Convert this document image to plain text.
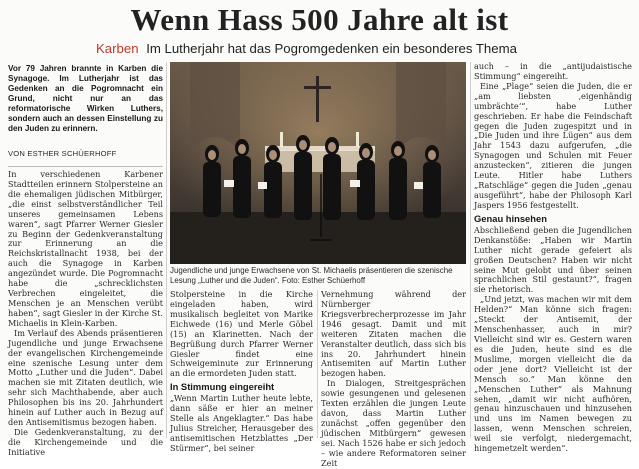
Wenn Hass 500 Jahre alt ist
Karben Im Lutherjahr hat das Pogromgedenken ein besonderes Thema
Vor 79 Jahren brannte in Karben die Synagoge. Im Lutherjahr ist das Gedenken an die Pogromnacht ein Grund, nicht nur an das reformatorische Wirken Luthers, sondern auch an dessen Einstellung zu den Juden zu erinnern.
VON ESTHER SCHÜERHOFF

In verschiedenen Karbener Stadtteilen erinnern Stolpersteine an die ehemaligen jüdischen Mitbürger, „die einst selbstverständlicher Teil unseres gemeinsamen Lebens waren“, sagt Pfarrer Werner Giesler zu Beginn der Gedenkveranstaltung zur Erinnerung an die Reichskristallnacht 1938, bei der auch die Synagoge in Karben angezündet wurde. Die Pogromnacht habe die „schrecklichsten Verbrechen eingeleitet, die Menschen je an Menschen verübt haben“, sagt Giesler in der Kirche St. Michaelis in Klein-Karben.

Im Verlauf des Abends präsentieren Jugendliche und junge Erwachsene der evangelischen Kirchengemeinde eine szenische Lesung unter dem Motto „Luther und die Juden“. Dabei machen sie mit Zitaten deutlich, wie sehr sich Machthabende, aber auch Philosophen bis ins 20. Jahrhundert hinein auf Luther auch in Bezug auf den Antisemitismus bezogen haben.

Die Gedenkveranstaltung, zu der die Kirchengemeinde und die Initiative

Jugendliche und junge Erwachsene von St. Michaelis präsentieren die szenische Lesung „Luther und die Juden“. Foto: Esther Schüerhoff

Stolpersteine in die Kirche eingeladen haben, wird musikalisch begleitet von Marike Eichwede (16) und Merle Göbel (15) an Klarinetten. Nach der Begrüßung durch Pfarrer Werner Giesler findet eine Schweigeminute zur Erinnerung an die ermordeten Juden statt.

In Stimmung eingereiht

„Wenn Martin Luther heute lebte, dann säße er hier an meiner Stelle als Angeklagter.“ Das habe Julius Streicher, Herausgeber des antisemitischen Hetzblattes „Der Stürmer“, bei seiner

Vernehmung während der Nürnberger Kriegsverbrecherprozesse im Jahr 1946 gesagt. Damit und mit weiteren Zitaten machen die Veranstalter deutlich, dass sich bis ins 20. Jahrhundert hinein Antisemiten auf Martin Luther bezogen haben.

In Dialogen, Streitgesprächen sowie gesungenen und gelesenen Texten erzählen die jungen Leute davon, dass Martin Luther zunächst „offen gegenüber den jüdischen Mitbürgern“ gewesen sei. Nach 1526 habe er sich jedoch – wie andere Reformatoren seiner Zeit

auch – in die „antijudaistische Stimmung“ eingereiht.

Eine „Plage“ seien die Juden, die er „am liebsten ‚eigenhändig umbrächte‘“, habe Luther geschrieben. Er habe die Feindschaft gegen die Juden zugespitzt und in „Die Juden und ihre Lügen“ aus dem Jahr 1543 dazu aufgerufen, „die Synagogen und Schulen mit Feuer anzustecken“, zitieren die jungen Leute. Hitler habe Luthers „Ratschläge“ gegen die Juden „genau ausgeführt“, habe der Philosoph Karl Jaspers 1956 festgestellt.

Genau hinsehen

Abschließend geben die Jugendlichen Denkanstöße: „Haben wir Martin Luther nicht gerade gefeiert als großen Deutschen? Haben wir nicht seine Mut gelobt und über seinen sprachlichen Stil gestaunt?“, fragen sie rhetorisch.

„Und jetzt, was machen wir mit dem Helden?“ Man könne sich fragen: „Steckt der Antisemit, der Menschenhasser, auch in mir? Vielleicht sind wir es. Gestern waren es die Juden, heute sind es die Muslime, morgen vielleicht die da oder jene dort? Vielleicht ist der Mensch so.“ Man könne den „Menschen Luther“ als Mahnung sehen, „damit wir nicht aufhören, genau hinzuschauen und hinzusehen und uns im Namen bewegen zu lassen, wenn Menschen schreien, weil sie verfolgt, niedergemacht, hingemetzelt werden“.
